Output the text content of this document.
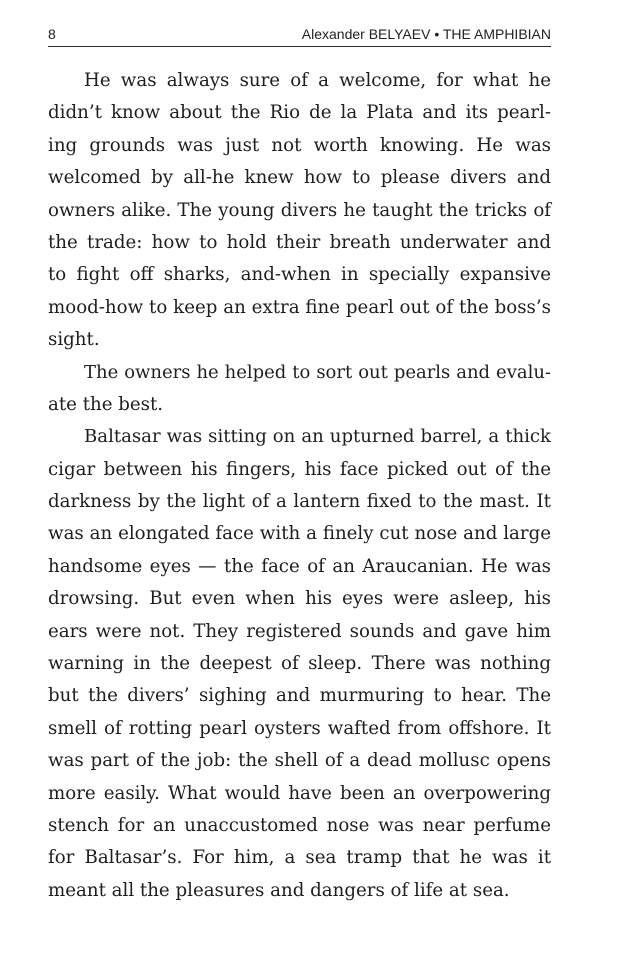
8	Alexander BELYAEV • THE AMPHIBIAN

He was always sure of a welcome, for what he
didn’t know about the Rio de la Plata and its pearl-
ing grounds was just not worth knowing. He was
welcomed by all-he knew how to please divers and
owners alike. The young divers he taught the tricks of
the trade: how to hold their breath underwater and
to fight off sharks, and-when in specially expansive
mood-how to keep an extra fine pearl out of the boss’s
sight.

The owners he helped to sort out pearls and evalu-
ate the best.

Baltasar was sitting on an upturned barrel, a thick
cigar between his fingers, his face picked out of the
darkness by the light of a lantern fixed to the mast. It
was an elongated face with a finely cut nose and large
handsome eyes — the face of an Araucanian. He was
drowsing. But even when his eyes were asleep, his
ears were not. They registered sounds and gave him
warning in the deepest of sleep. There was nothing
but the divers’ sighing and murmuring to hear. The
smell of rotting pearl oysters wafted from offshore. It
was part of the job: the shell of a dead mollusc opens
more easily. What would have been an overpowering
stench for an unaccustomed nose was near perfume
for Baltasar’s. For him, a sea tramp that he was it
meant all the pleasures and dangers of life at sea.
